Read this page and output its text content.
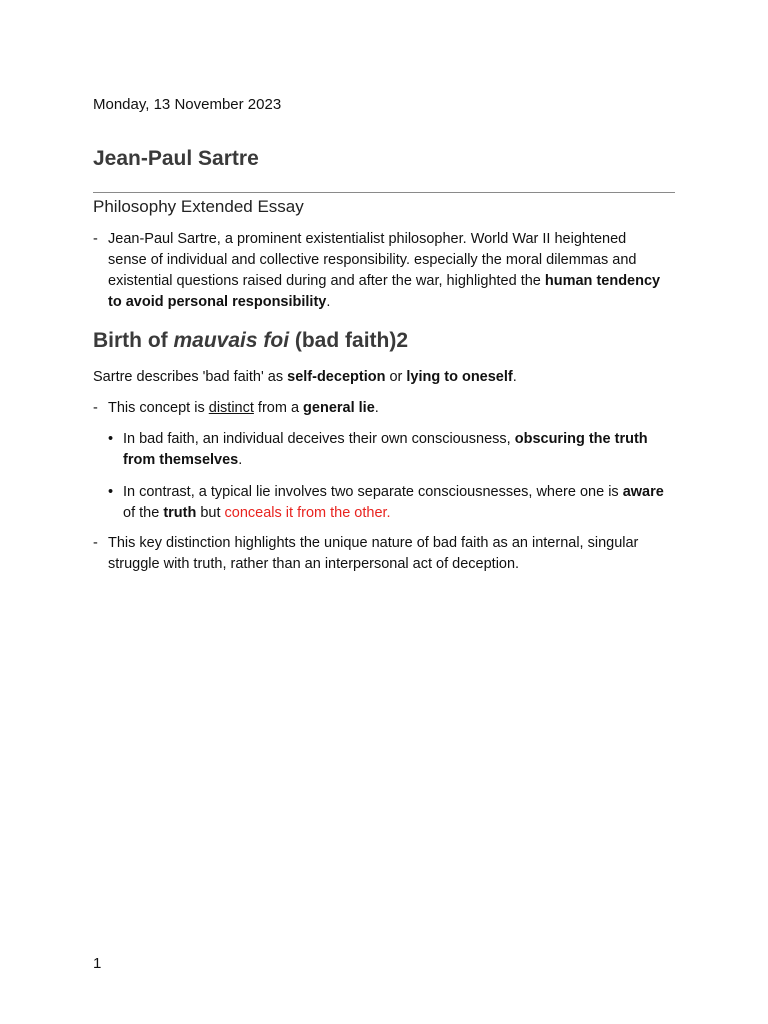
Monday, 13 November 2023
Jean-Paul Sartre
Philosophy Extended Essay
- Jean-Paul Sartre, a prominent existentialist philosopher. World War II heightened sense of individual and collective responsibility. especially the moral dilemmas and existential questions raised during and after the war, highlighted the human tendency to avoid personal responsibility.
Birth of mauvais foi (bad faith)2
Sartre describes 'bad faith' as self-deception or lying to oneself.
- This concept is distinct from a general lie.
• In bad faith, an individual deceives their own consciousness, obscuring the truth from themselves.
• In contrast, a typical lie involves two separate consciousnesses, where one is aware of the truth but conceals it from the other.
- This key distinction highlights the unique nature of bad faith as an internal, singular struggle with truth, rather than an interpersonal act of deception.
1
